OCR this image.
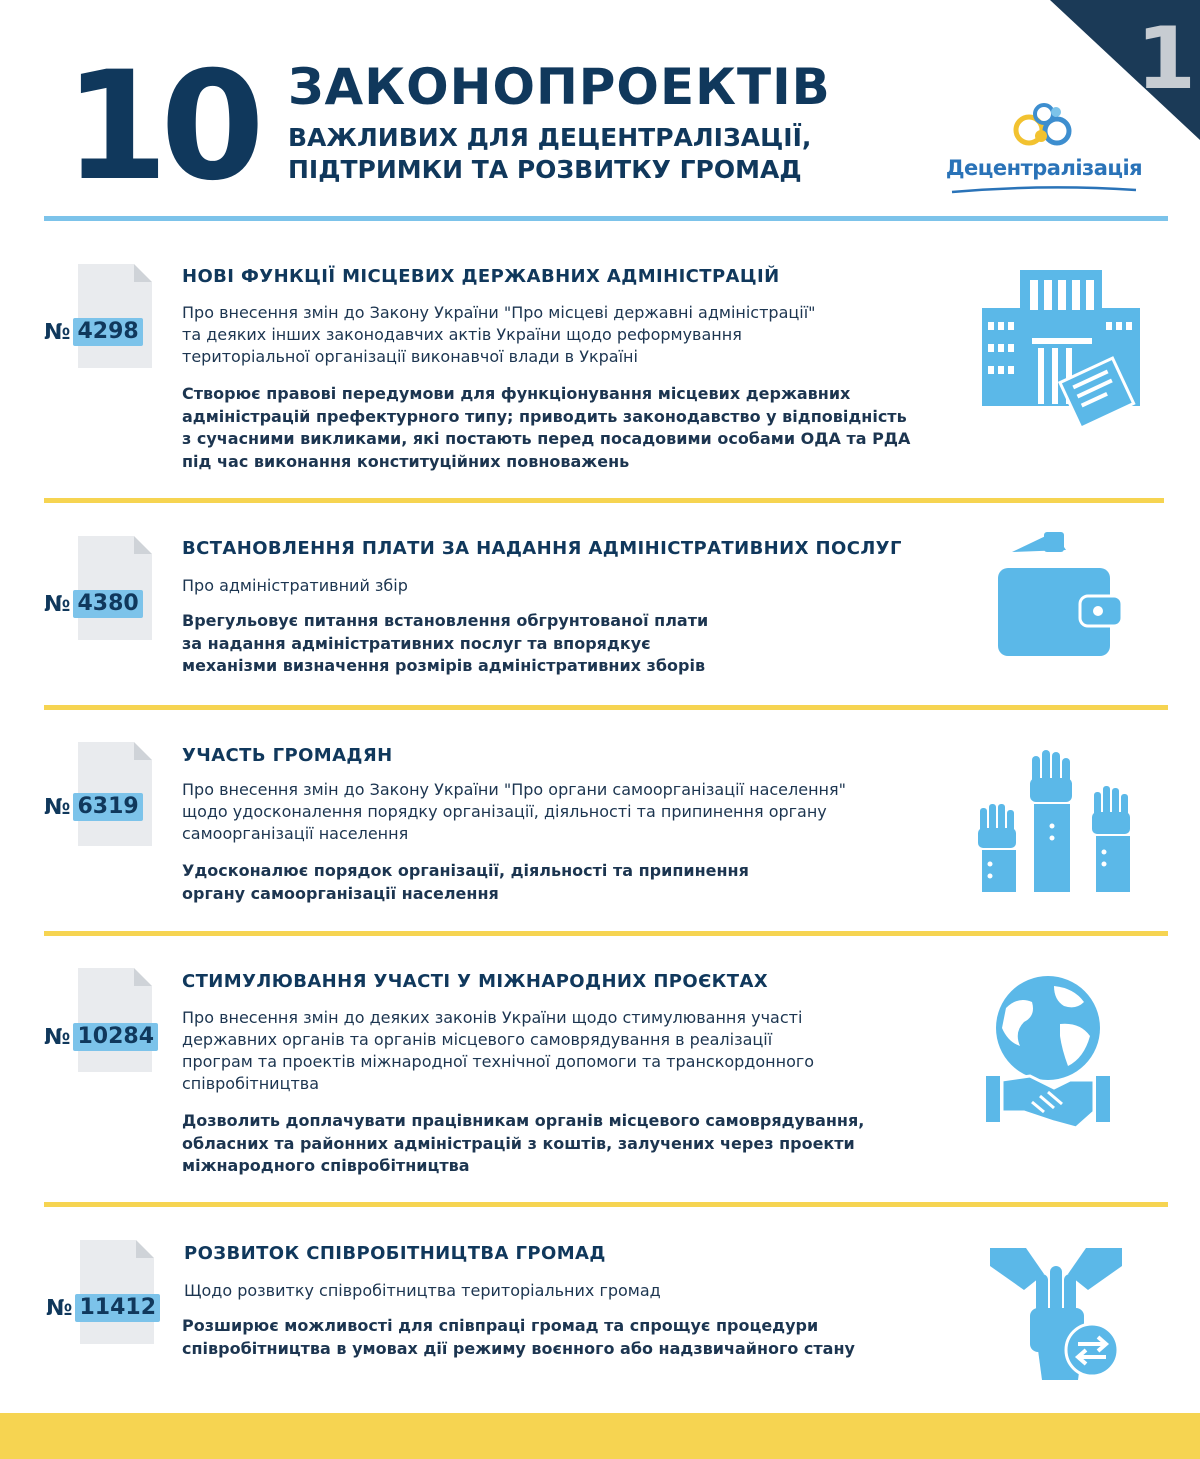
1
10 ЗАКОНОПРОЕКТІВ
ВАЖЛИВИХ ДЛЯ ДЕЦЕНТРАЛІЗАЦІЇ,
ПІДТРИМКИ ТА РОЗВИТКУ ГРОМАД	Децентралізація
№ 4298
НОВІ ФУНКЦІЇ МІСЦЕВИХ ДЕРЖАВНИХ АДМІНІСТРАЦІЙ
Про внесення змін до Закону України "Про місцеві державні адміністрації"
та деяких інших законодавчих актів України щодо реформування
територіальної організації виконавчої влади в Україні
Створює правові передумови для функціонування місцевих державних
адміністрацій префектурного типу; приводить законодавство у відповідність
з сучасними викликами, які постають перед посадовими особами ОДА та РДА
під час виконання конституційних повноважень
№ 4380
ВСТАНОВЛЕННЯ ПЛАТИ ЗА НАДАННЯ АДМІНІСТРАТИВНИХ ПОСЛУГ
Про адміністративний збір
Врегульовує питання встановлення обгрунтованої плати
за надання адміністративних послуг та впорядкує
механізми визначення розмірів адміністративних зборів
№ 6319
УЧАСТЬ ГРОМАДЯН
Про внесення змін до Закону України "Про органи самоорганізації населення"
щодо удосконалення порядку організації, діяльності та припинення органу
самоорганізації населення
Удосконалює порядок організації, діяльності та припинення
органу самоорганізації населення
№ 10284
СТИМУЛЮВАННЯ УЧАСТІ У МІЖНАРОДНИХ ПРОЄКТАХ
Про внесення змін до деяких законів України щодо стимулювання участі
державних органів та органів місцевого самоврядування в реалізації
програм та проектів міжнародної технічної допомоги та транскордонного
співробітництва
Дозволить доплачувати працівникам органів місцевого самоврядування,
обласних та районних адміністрацій з коштів, залучених через проекти
міжнародного співробітництва
№ 11412
РОЗВИТОК СПІВРОБІТНИЦТВА ГРОМАД
Щодо розвитку співробітництва територіальних громад
Розширює можливості для співпраці громад та спрощує процедури
співробітництва в умовах дії режиму воєнного або надзвичайного стану
